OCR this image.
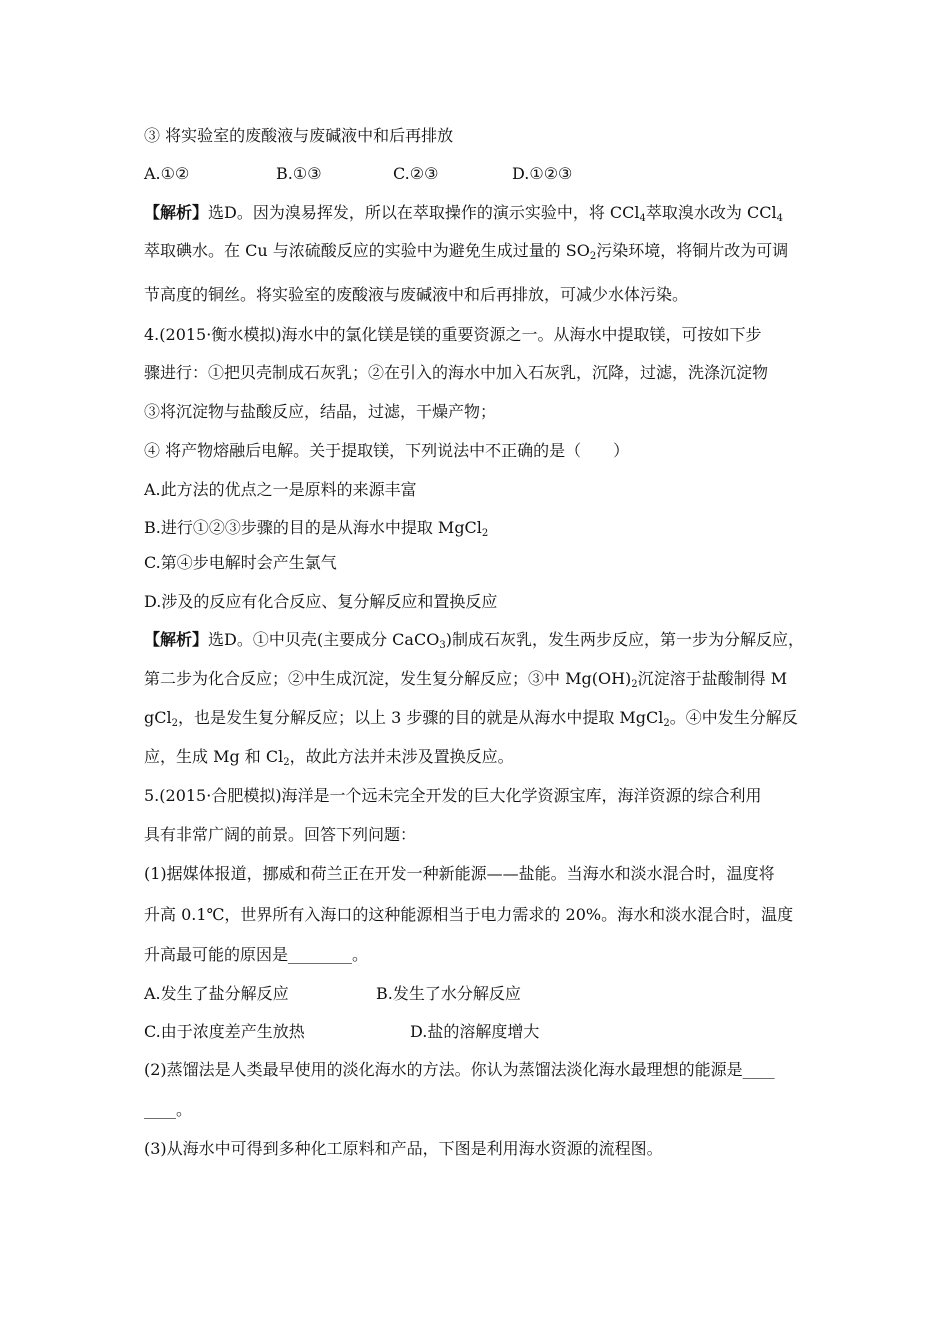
③ 将实验室的废酸液与废碱液中和后再排放
A.①②	B.①③	C.②③	D.①②③
【解析】选D。因为溴易挥发，所以在萃取操作的演示实验中，将 CCl$_4$萃取溴水改为 CCl$_4$
萃取碘水。在 Cu 与浓硫酸反应的实验中为避免生成过量的 $SO_2$污染环境，将铜片改为可调
节高度的铜丝。将实验室的废酸液与废碱液中和后再排放，可减少水体污染。
4.(2015·衡水模拟)海水中的氯化镁是镁的重要资源之一。从海水中提取镁，可按如下步
骤进行：①把贝壳制成石灰乳；②在引入的海水中加入石灰乳，沉降，过滤，洗涤沉淀物
③将沉淀物与盐酸反应，结晶，过滤，干燥产物；
④ 将产物熔融后电解。关于提取镁，下列说法中不正确的是（　　）
A.此方法的优点之一是原料的来源丰富
B.进行①②③步骤的目的是从海水中提取 MgCl$_2$
C.第④步电解时会产生氯气
D.涉及的反应有化合反应、复分解反应和置换反应
【解析】选D。①中贝壳(主要成分 CaCO$_3$)制成石灰乳，发生两步反应，第一步为分解反应，
第二步为化合反应；②中生成沉淀，发生复分解反应；③中 $Mg(OH)_2$沉淀溶于盐酸制得 M
gCl$_2$，也是发生复分解反应；以上 3 步骤的目的就是从海水中提取 MgCl$_2$。④中发生分解反
应，生成 Mg 和 $Cl_2$，故此方法并未涉及置换反应。
5.(2015·合肥模拟)海洋是一个远未完全开发的巨大化学资源宝库，海洋资源的综合利用
具有非常广阔的前景。回答下列问题：
(1)据媒体报道，挪威和荷兰正在开发一种新能源——盐能。当海水和淡水混合时，温度将
升高 0.1℃，世界所有入海口的这种能源相当于电力需求的 20%。海水和淡水混合时，温度
升高最可能的原因是________。
A.发生了盐分解反应	B.发生了水分解反应
C.由于浓度差产生放热	D.盐的溶解度增大
(2)蒸馏法是人类最早使用的淡化海水的方法。你认为蒸馏法淡化海水最理想的能源是____
____。
(3)从海水中可得到多种化工原料和产品，下图是利用海水资源的流程图。
